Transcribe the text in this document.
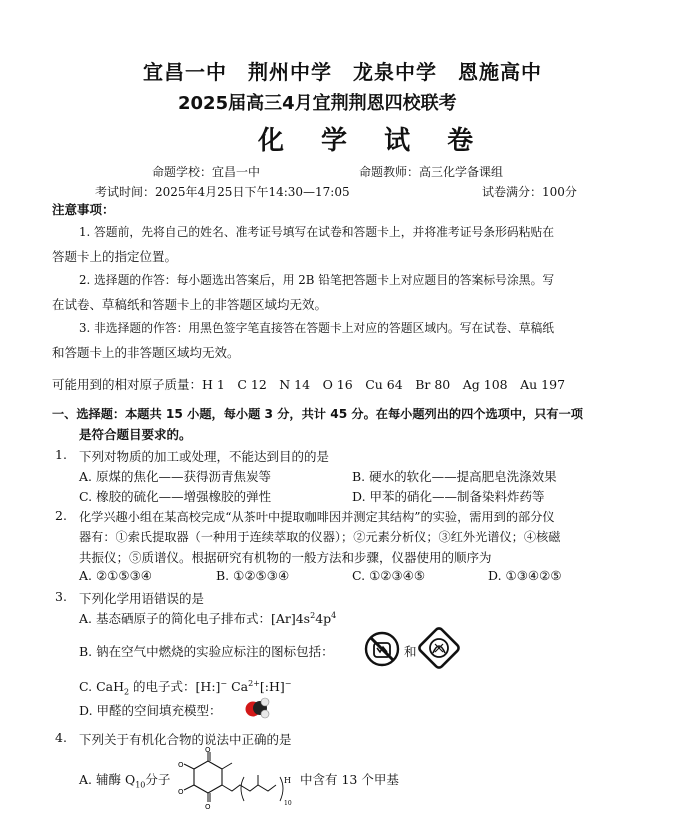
宜昌一中　荆州中学　龙泉中学　恩施高中
2025届高三4月宜荆荆恩四校联考
化 学 试 卷
命题学校：宜昌一中	命题教师：高三化学备课组
考试时间：2025年4月25日下午14:30—17:05	试卷满分：100分
注意事项：
1. 答题前，先将自己的姓名、准考证号填写在试卷和答题卡上，并将准考证号条形码粘贴在
答题卡上的指定位置。
2. 选择题的作答：每小题选出答案后，用 2B 铅笔把答题卡上对应题目的答案标号涂黑。写
在试卷、草稿纸和答题卡上的非答题区域均无效。
3. 非选择题的作答：用黑色签字笔直接答在答题卡上对应的答题区域内。写在试卷、草稿纸
和答题卡上的非答题区域均无效。
可能用到的相对原子质量：H 1　C 12　N 14　O 16　Cu 64　Br 80　Ag 108　Au 197
一、选择题：本题共 15 小题，每小题 3 分，共计 45 分。在每小题列出的四个选项中，只有一项
是符合题目要求的。
1. 下列对物质的加工或处理，不能达到目的的是
A. 原煤的焦化——获得沥青焦炭等	B. 硬水的软化——提高肥皂洗涤效果
C. 橡胶的硫化——增强橡胶的弹性	D. 甲苯的硝化——制备染料炸药等
2. 化学兴趣小组在某高校完成“从茶叶中提取咖啡因并测定其结构”的实验，需用到的部分仪
器有：①索氏提取器（一种用于连续萃取的仪器）；②元素分析仪；③红外光谱仪；④核磁
共振仪；⑤质谱仪。根据研究有机物的一般方法和步骤，仪器使用的顺序为
A. ②①⑤③④	B. ①②⑤③④	C. ①②③④⑤	D. ①③④②⑤
3. 下列化学用语错误的是
A. 基态硒原子的简化电子排布式：$[Ar]4s^24p^4$
B. 钠在空气中燃烧的实验应标注的图标包括：	和
C. CaH$_2$ 的电子式：[H:]− $Ca^{2+}[:H]^-$
D. 甲醛的空间填充模型：
4. 下列关于有机化合物的说法中正确的是
A. 辅酶 $Q_{10}$分子
O
O
O
O
H
10
中含有 13 个甲基
